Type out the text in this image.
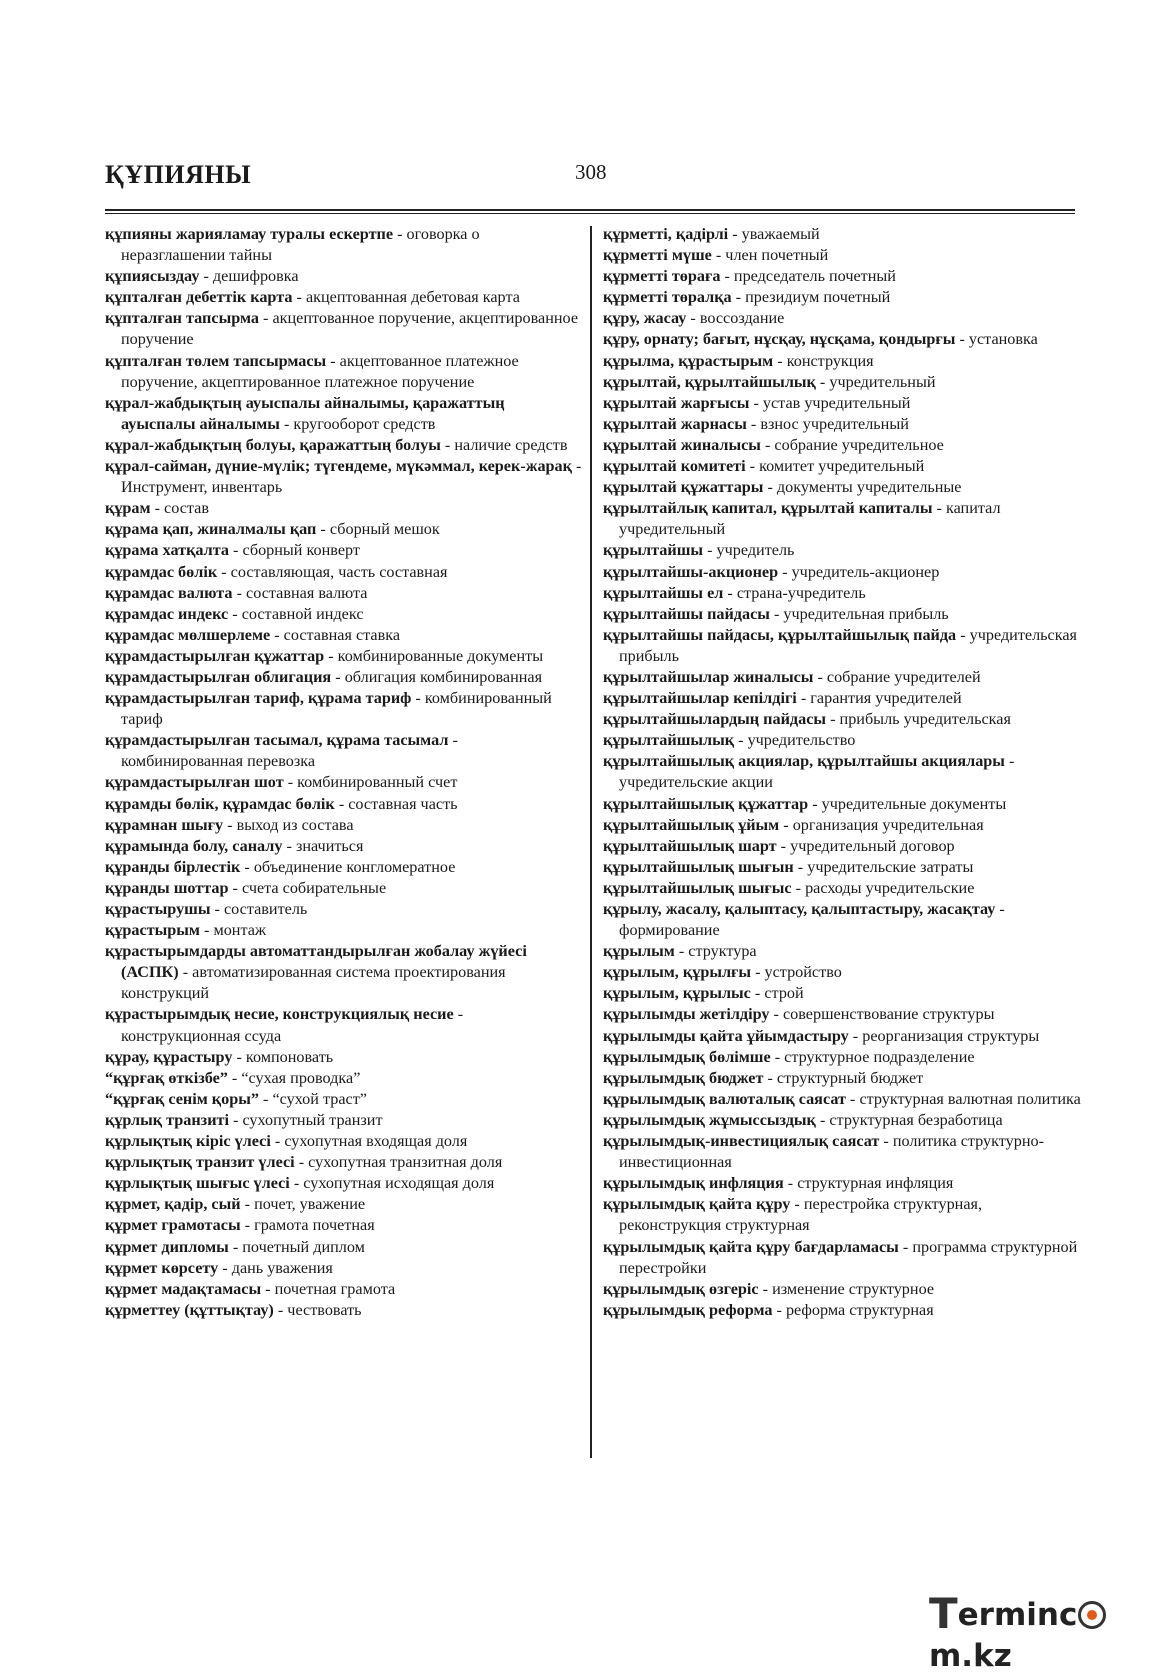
ҚҰПИЯНЫ	308

құпияны жарияламау туралы ескертпе - оговорка о неразглашении тайны

құпиясыздау - дешифровка

құпталған дебеттік карта - акцептованная дебетовая карта

құпталған тапсырма - акцептованное поручение, акцептированное поручение

құпталған төлем тапсырмасы - акцептованное платежное поручение, акцептированное платежное поручение

құрал-жабдықтың ауыспалы айналымы, қаражаттың ауыспалы айналымы - кругооборот средств

құрал-жабдықтың болуы, қаражаттың болуы - наличие средств

құрал-сайман, дүние-мүлік; түгендеме, мүкəммал, керек-жарақ - Инструмент, инвентарь

құрам - состав

құрама қап, жиналмалы қап - сборный мешок

құрама хатқалта - сборный конверт

құрамдас бөлік - составляющая, часть составная

құрамдас валюта - составная валюта

құрамдас индекс - составной индекс

құрамдас мөлшерлеме - составная ставка

құрамдастырылған құжаттар - комбинированные документы

құрамдастырылған облигация - облигация комбинированная

құрамдастырылған тариф, құрама тариф - комбинированный тариф

құрамдастырылған тасымал, құрама тасымал - комбинированная перевозка

құрамдастырылған шот - комбинированный счет

құрамды бөлік, құрамдас бөлік - составная часть

құрамнан шығу - выход из состава

құрамында болу, саналу - значиться

құранды бірлестік - объединение конгломератное

құранды шоттар - счета собирательные

құрастырушы - составитель

құрастырым - монтаж

құрастырымдарды автоматтандырылған жобалау жүйесі (АСПК) - автоматизированная система проектирования конструкций

құрастырымдық несие, конструкциялық несие - конструкционная ссуда

құрау, құрастыру - компоновать

“құрғақ өткізбе” - “сухая проводка”

“құрғақ сенім қоры” - “сухой траст”

құрлық транзиті - сухопутный транзит

құрлықтық кіріс үлесі - сухопутная входящая доля

құрлықтық транзит үлесі - сухопутная транзитная доля

құрлықтық шығыс үлесі - сухопутная исходящая доля

құрмет, қадір, сый - почет, уважение

құрмет грамотасы - грамота почетная

құрмет дипломы - почетный диплом

құрмет көрсету - дань уважения

құрмет мадақтамасы - почетная грамота

құрметтеу (құттықтау) - чествовать

құрметті, қадірлі - уважаемый

құрметті мүше - член почетный

құрметті төраға - председатель почетный

құрметті төралқа - президиум почетный

құру, жасау - воссоздание

құру, орнату; бағыт, нұсқау, нұсқама, қондырғы - установка

құрылма, құрастырым - конструкция

құрылтай, құрылтайшылық - учредительный

құрылтай жарғысы - устав учредительный

құрылтай жарнасы - взнос учредительный

құрылтай жиналысы - собрание учредительное

құрылтай комитеті - комитет учредительный

құрылтай құжаттары - документы учредительные

құрылтайлық капитал, құрылтай капиталы - капитал учредительный

құрылтайшы - учредитель

құрылтайшы-акционер - учредитель-акционер

құрылтайшы ел - страна-учредитель

құрылтайшы пайдасы - учредительная прибыль

құрылтайшы пайдасы, құрылтайшылық пайда - учредительская прибыль

құрылтайшылар жиналысы - собрание учредителей

құрылтайшылар кепілдігі - гарантия учредителей

құрылтайшылардың пайдасы - прибыль учредительская

құрылтайшылық - учредительство

құрылтайшылық акциялар, құрылтайшы акциялары - учредительские акции

құрылтайшылық құжаттар - учредительные документы

құрылтайшылық ұйым - организация учредительная

құрылтайшылық шарт - учредительный договор

құрылтайшылық шығын - учредительские затраты

құрылтайшылық шығыс - расходы учредительские

құрылу, жасалу, қалыптасу, қалыптастыру, жасақтау - формирование

құрылым - структура

құрылым, құрылғы - устройство

құрылым, құрылыс - строй

құрылымды жетілдіру - совершенствование структуры

құрылымды қайта ұйымдастыру - реорганизация структуры

құрылымдық бөлімше - структурное подразделение

құрылымдық бюджет - структурный бюджет

құрылымдық валюталық саясат - структурная валютная политика

құрылымдық жұмыссыздық - структурная безработица

құрылымдық-инвестициялық саясат - политика структурно-инвестиционная

құрылымдық инфляция - структурная инфляция

құрылымдық қайта құру - перестройка структурная, реконструкция структурная

құрылымдық қайта құру бағдарламасы - программа структурной перестройки

құрылымдық өзгеріс - изменение структурное

құрылымдық реформа - реформа структурная

Termincm.kz
